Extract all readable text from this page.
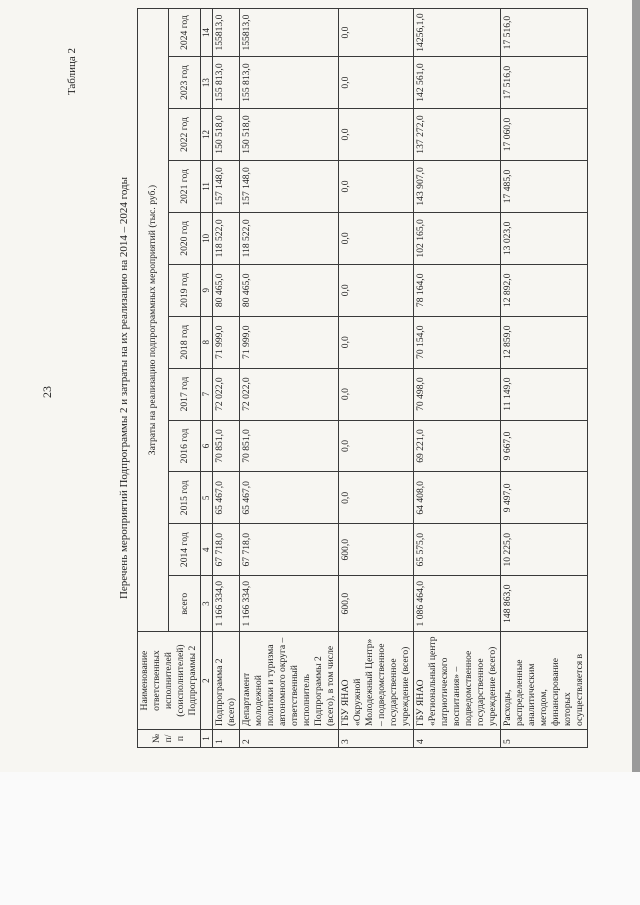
23
Таблица 2
Перечень мероприятий Подпрограммы 2 и затраты на их реализацию на 2014 – 2024 годы
№ п/п	Наименование ответственных исполнителей (соисполнителей) Подпрограммы 2	Затраты на реализацию подпрограммных мероприятий (тыс. руб.)											
		всего	2014 год	2015 год	2016 год	2017 год	2018 год	2019 год	2020 год	2021 год	2022 год	2023 год	2024 год
1	2	3	4	5	6	7	8	9	10	11	12	13	14
1	Подпрограмма 2 (всего)	1 166 334,0	67 718,0	65 467,0	70 851,0	72 022,0	71 999,0	80 465,0	118 522,0	157 148,0	150 518,0	155 813,0	155813,0
2	Департамент молодежной политики и туризма автономного округа – ответственный исполнитель Подпрограммы 2 (всего), в том числе	1 166 334,0	67 718,0	65 467,0	70 851,0	72 022,0	71 999,0	80 465,0	118 522,0	157 148,0	150 518,0	155 813,0	155813,0
3	ГБУ ЯНАО «Окружной Молодежный Центр» – подведомственное государственное учреждение (всего)	600,0	600,0	0,0	0,0	0,0	0,0	0,0	0,0	0,0	0,0	0,0	0,0
4	ГБУ ЯНАО «Региональный центр патриотического воспитания» – подведомственное государственное учреждение (всего)	1 086 464,0	65 575,0	64 408,0	69 221,0	70 498,0	70 154,0	78 164,0	102 165,0	143 907,0	137 272,0	142 561,0	14256,1,0
5	Расходы, распределенные аналитическим методом, финансирование которых осуществляется в	148 863,0	10 225,0	9 497,0	9 667,0	11 149,0	12 859,0	12 892,0	13 023,0	17 485,0	17 060,0	17 516,0	17 516,0
